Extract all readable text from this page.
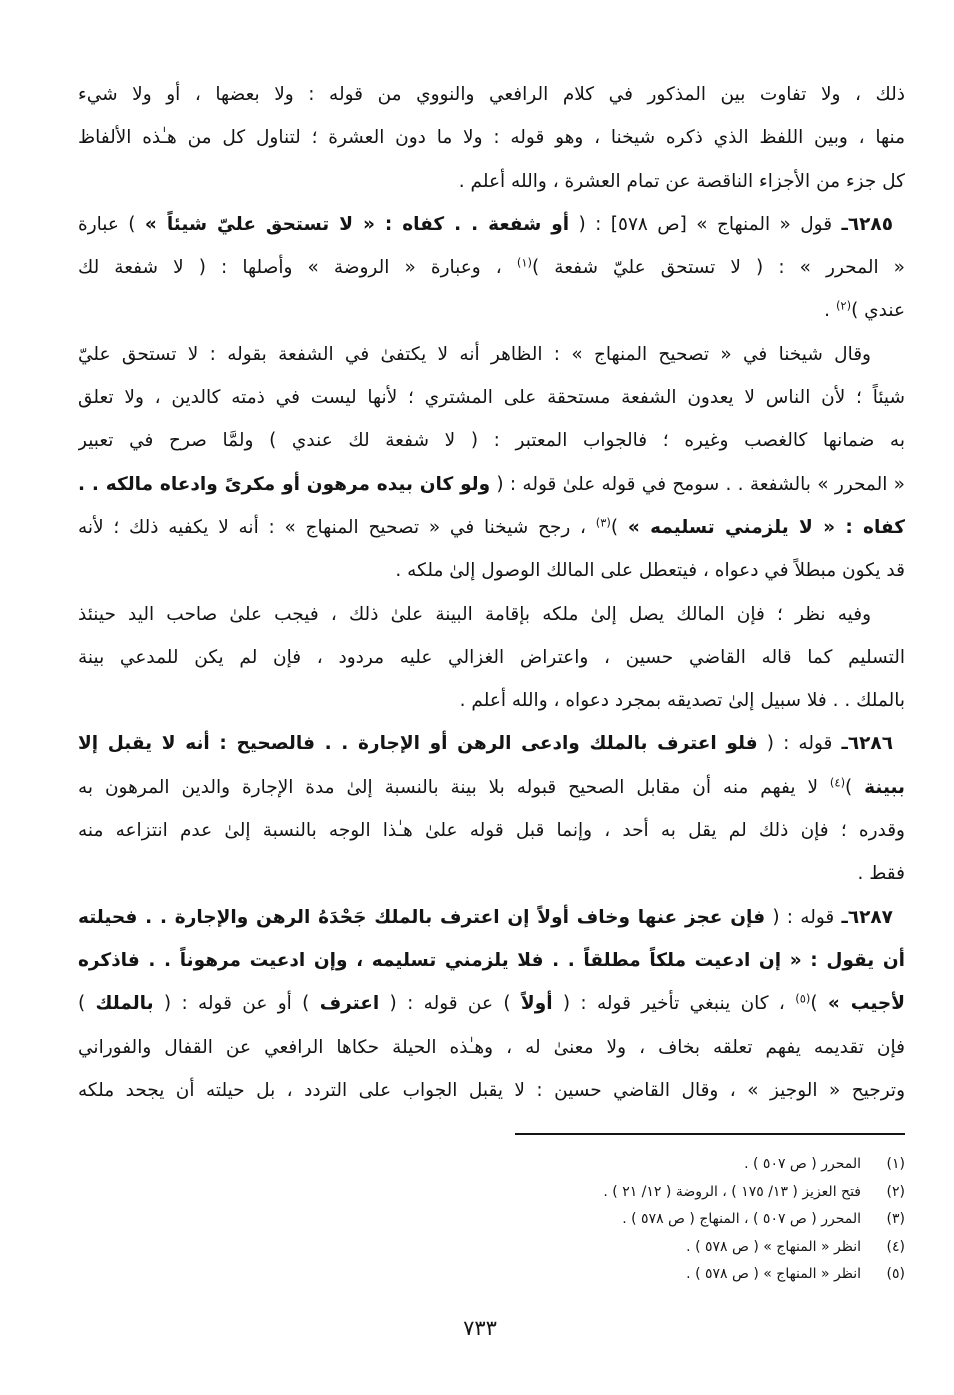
ذلك ، ولا تفاوت بين المذكور في كلام الرافعي والنووي من قوله : ولا بعضها ، أو ولا شيء
منها ، وبين اللفظ الذي ذكره شيخنا ، وهو قوله : ولا ما دون العشرة ؛ لتناول كل من هـٰذه الألفاظ
كل جزء من الأجزاء الناقصة عن تمام العشرة ، والله أعلم .
٦٢٨٥ـ قول « المنهاج » [ص ٥٧٨] : ( أو شفعة . . كفاه : « لا تستحق عليّ شيئاً » ) عبارة
« المحرر » : ( لا تستحق عليّ شفعة )$^{(١)}$ ، وعبارة « الروضة » وأصلها : ( لا شفعة لك
عندي )$^{(٢)}$ .
وقال شيخنا في « تصحيح المنهاج » : الظاهر أنه لا يكتفىٰ في الشفعة بقوله : لا تستحق عليّ
شيئاً ؛ لأن الناس لا يعدون الشفعة مستحقة على المشتري ؛ لأنها ليست في ذمته كالدين ، ولا تعلق
به ضمانها كالغصب وغيره ؛ فالجواب المعتبر : ( لا شفعة لك عندي ) ولمَّا صرح في تعبير
« المحرر » بالشفعة . . سومح في قوله علىٰ قوله : ( ولو كان بيده مرهون أو مكرىً وادعاه مالكه . .
كفاه : « لا يلزمني تسليمه » )$^{(٣)}$ ، رجح شيخنا في « تصحيح المنهاج » : أنه لا يكفيه ذلك ؛ لأنه
قد يكون مبطلاً في دعواه ، فيتعطل على المالك الوصول إلىٰ ملكه .
وفيه نظر ؛ فإن المالك يصل إلىٰ ملكه بإقامة البينة علىٰ ذلك ، فيجب علىٰ صاحب اليد حينئذ
التسليم كما قاله القاضي حسين ، واعتراض الغزالي عليه مردود ، فإن لم يكن للمدعي بينة
بالملك . . فلا سبيل إلىٰ تصديقه بمجرد دعواه ، والله أعلم .
٦٢٨٦ـ قوله : ( فلو اعترف بالملك وادعى الرهن أو الإجارة . . فالصحيح : أنه لا يقبل إلا
ببينة )$^{(٤)}$ لا يفهم منه أن مقابل الصحيح قبوله بلا بينة بالنسبة إلىٰ مدة الإجارة والدين المرهون به
وقدره ؛ فإن ذلك لم يقل به أحد ، وإنما قبل قوله علىٰ هـٰذا الوجه بالنسبة إلىٰ عدم انتزاعه منه
فقط .
٦٢٨٧ـ قوله : ( فإن عجز عنها وخاف أولاً إن اعترف بالملك جَحْدَهُ الرهن والإجارة . . فحيلته
أن يقول : « إن ادعيت ملكاً مطلقاً . . فلا يلزمني تسليمه ، وإن ادعيت مرهوناً . . فاذكره
لأجيب » )$^{(٥)}$ ، كان ينبغي تأخير قوله : ( أولاً ) عن قوله : ( اعترف ) أو عن قوله : ( بالملك )
فإن تقديمه يفهم تعلقه بخاف ، ولا معنىٰ له ، وهـٰذه الحيلة حكاها الرافعي عن القفال والفوراني
وترجيح « الوجيز » ، وقال القاضي حسين : لا يقبل الجواب على التردد ، بل حيلته أن يجحد ملكه
(١)المحرر ( ص ٥٠٧ ) .
(٢)فتح العزيز ( ١٣/ ١٧٥ ) ، الروضة ( ١٢/ ٢١ ) .
(٣)المحرر ( ص ٥٠٧ ) ، المنهاج ( ص ٥٧٨ ) .
(٤)انظر « المنهاج » ( ص ٥٧٨ ) .
(٥)انظر « المنهاج » ( ص ٥٧٨ ) .
٧٣٣
